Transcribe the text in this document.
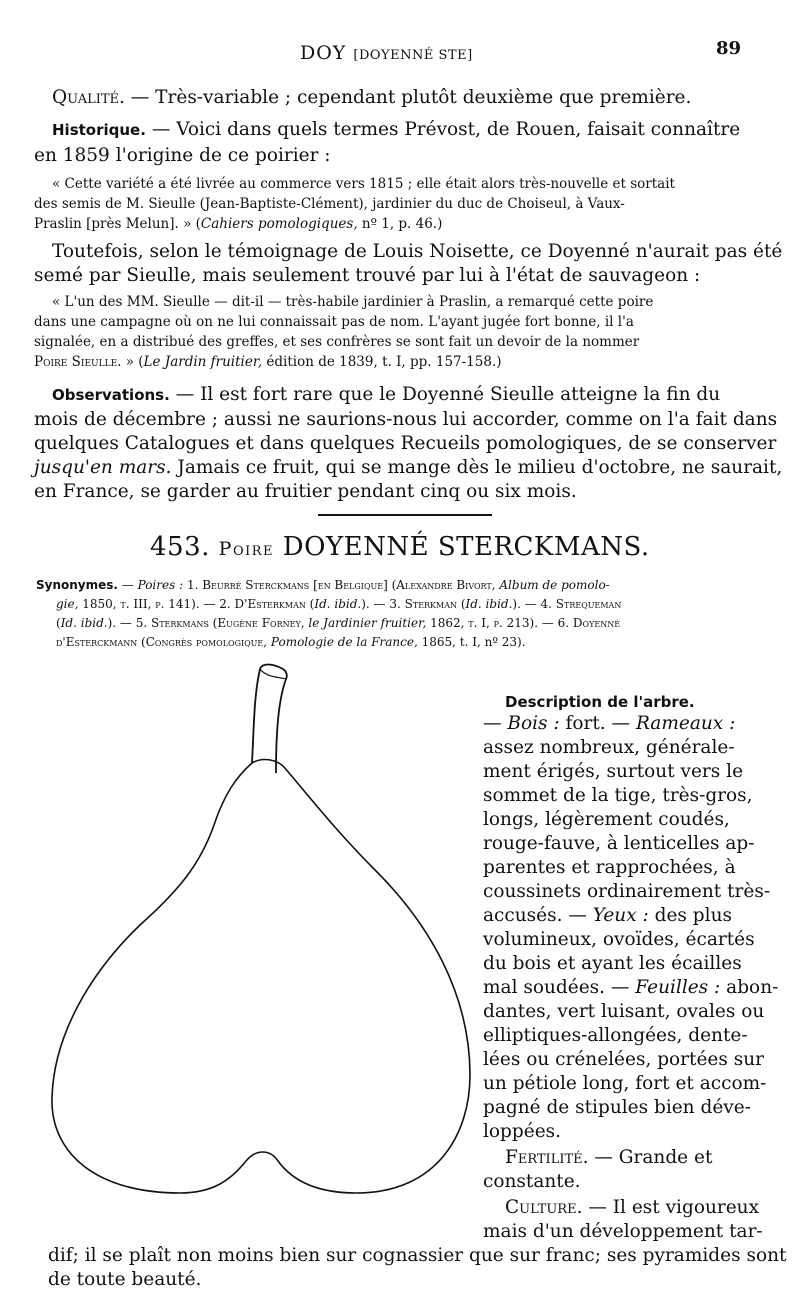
DOY [DOYENNÉ STE]	89
Qualité. — Très-variable ; cependant plutôt deuxième que première.
Historique. — Voici dans quels termes Prévost, de Rouen, faisait connaître
en 1859 l'origine de ce poirier :
« Cette variété a été livrée au commerce vers 1815 ; elle était alors très-nouvelle et sortait
des semis de M. Sieulle (Jean-Baptiste-Clément), jardinier du duc de Choiseul, à Vaux-
Praslin [près Melun]. » (Cahiers pomologiques, nº 1, p. 46.)
Toutefois, selon le témoignage de Louis Noisette, ce Doyenné n'aurait pas été
semé par Sieulle, mais seulement trouvé par lui à l'état de sauvageon :
« L'un des MM. Sieulle — dit-il — très-habile jardinier à Praslin, a remarqué cette poire
dans une campagne où on ne lui connaissait pas de nom. L'ayant jugée fort bonne, il l'a
signalée, en a distribué des greffes, et ses confrères se sont fait un devoir de la nommer
Poire Sieulle. » (Le Jardin fruitier, édition de 1839, t. I, pp. 157-158.)
Observations. — Il est fort rare que le Doyenné Sieulle atteigne la fin du
mois de décembre ; aussi ne saurions-nous lui accorder, comme on l'a fait dans
quelques Catalogues et dans quelques Recueils pomologiques, de se conserver
jusqu'en mars. Jamais ce fruit, qui se mange dès le milieu d'octobre, ne saurait,
en France, se garder au fruitier pendant cinq ou six mois.
453. Poire DOYENNÉ STERCKMANS.
Synonymes. — Poires : 1. Beurré Sterckmans [en Belgique] (Alexandre Bivort, Album de pomolo-
gie, 1850, t. III, p. 141). — 2. D'Esterkman (Id. ibid.). — 3. Sterkman (Id. ibid.). — 4. Strequeman
(Id. ibid.). — 5. Sterkmans (Eugène Forney, le Jardinier fruitier, 1862, t. I, p. 213). — 6. Doyenné
d'Esterckmann (Congrès pomologique, Pomologie de la France, 1865, t. I, nº 23).
Description de l'arbre.
— Bois : fort. — Rameaux :
assez nombreux, générale-
ment érigés, surtout vers le
sommet de la tige, très-gros,
longs, légèrement coudés,
rouge-fauve, à lenticelles ap-
parentes et rapprochées, à
coussinets ordinairement très-
accusés. — Yeux : des plus
volumineux, ovoïdes, écartés
du bois et ayant les écailles
mal soudées. — Feuilles : abon-
dantes, vert luisant, ovales ou
elliptiques-allongées, dente-
lées ou crénelées, portées sur
un pétiole long, fort et accom-
pagné de stipules bien déve-
loppées.
Fertilité. — Grande et
constante.
Culture. — Il est vigoureux
mais d'un développement tar-
dif; il se plaît non moins bien sur cognassier que sur franc; ses pyramides sont
de toute beauté.
